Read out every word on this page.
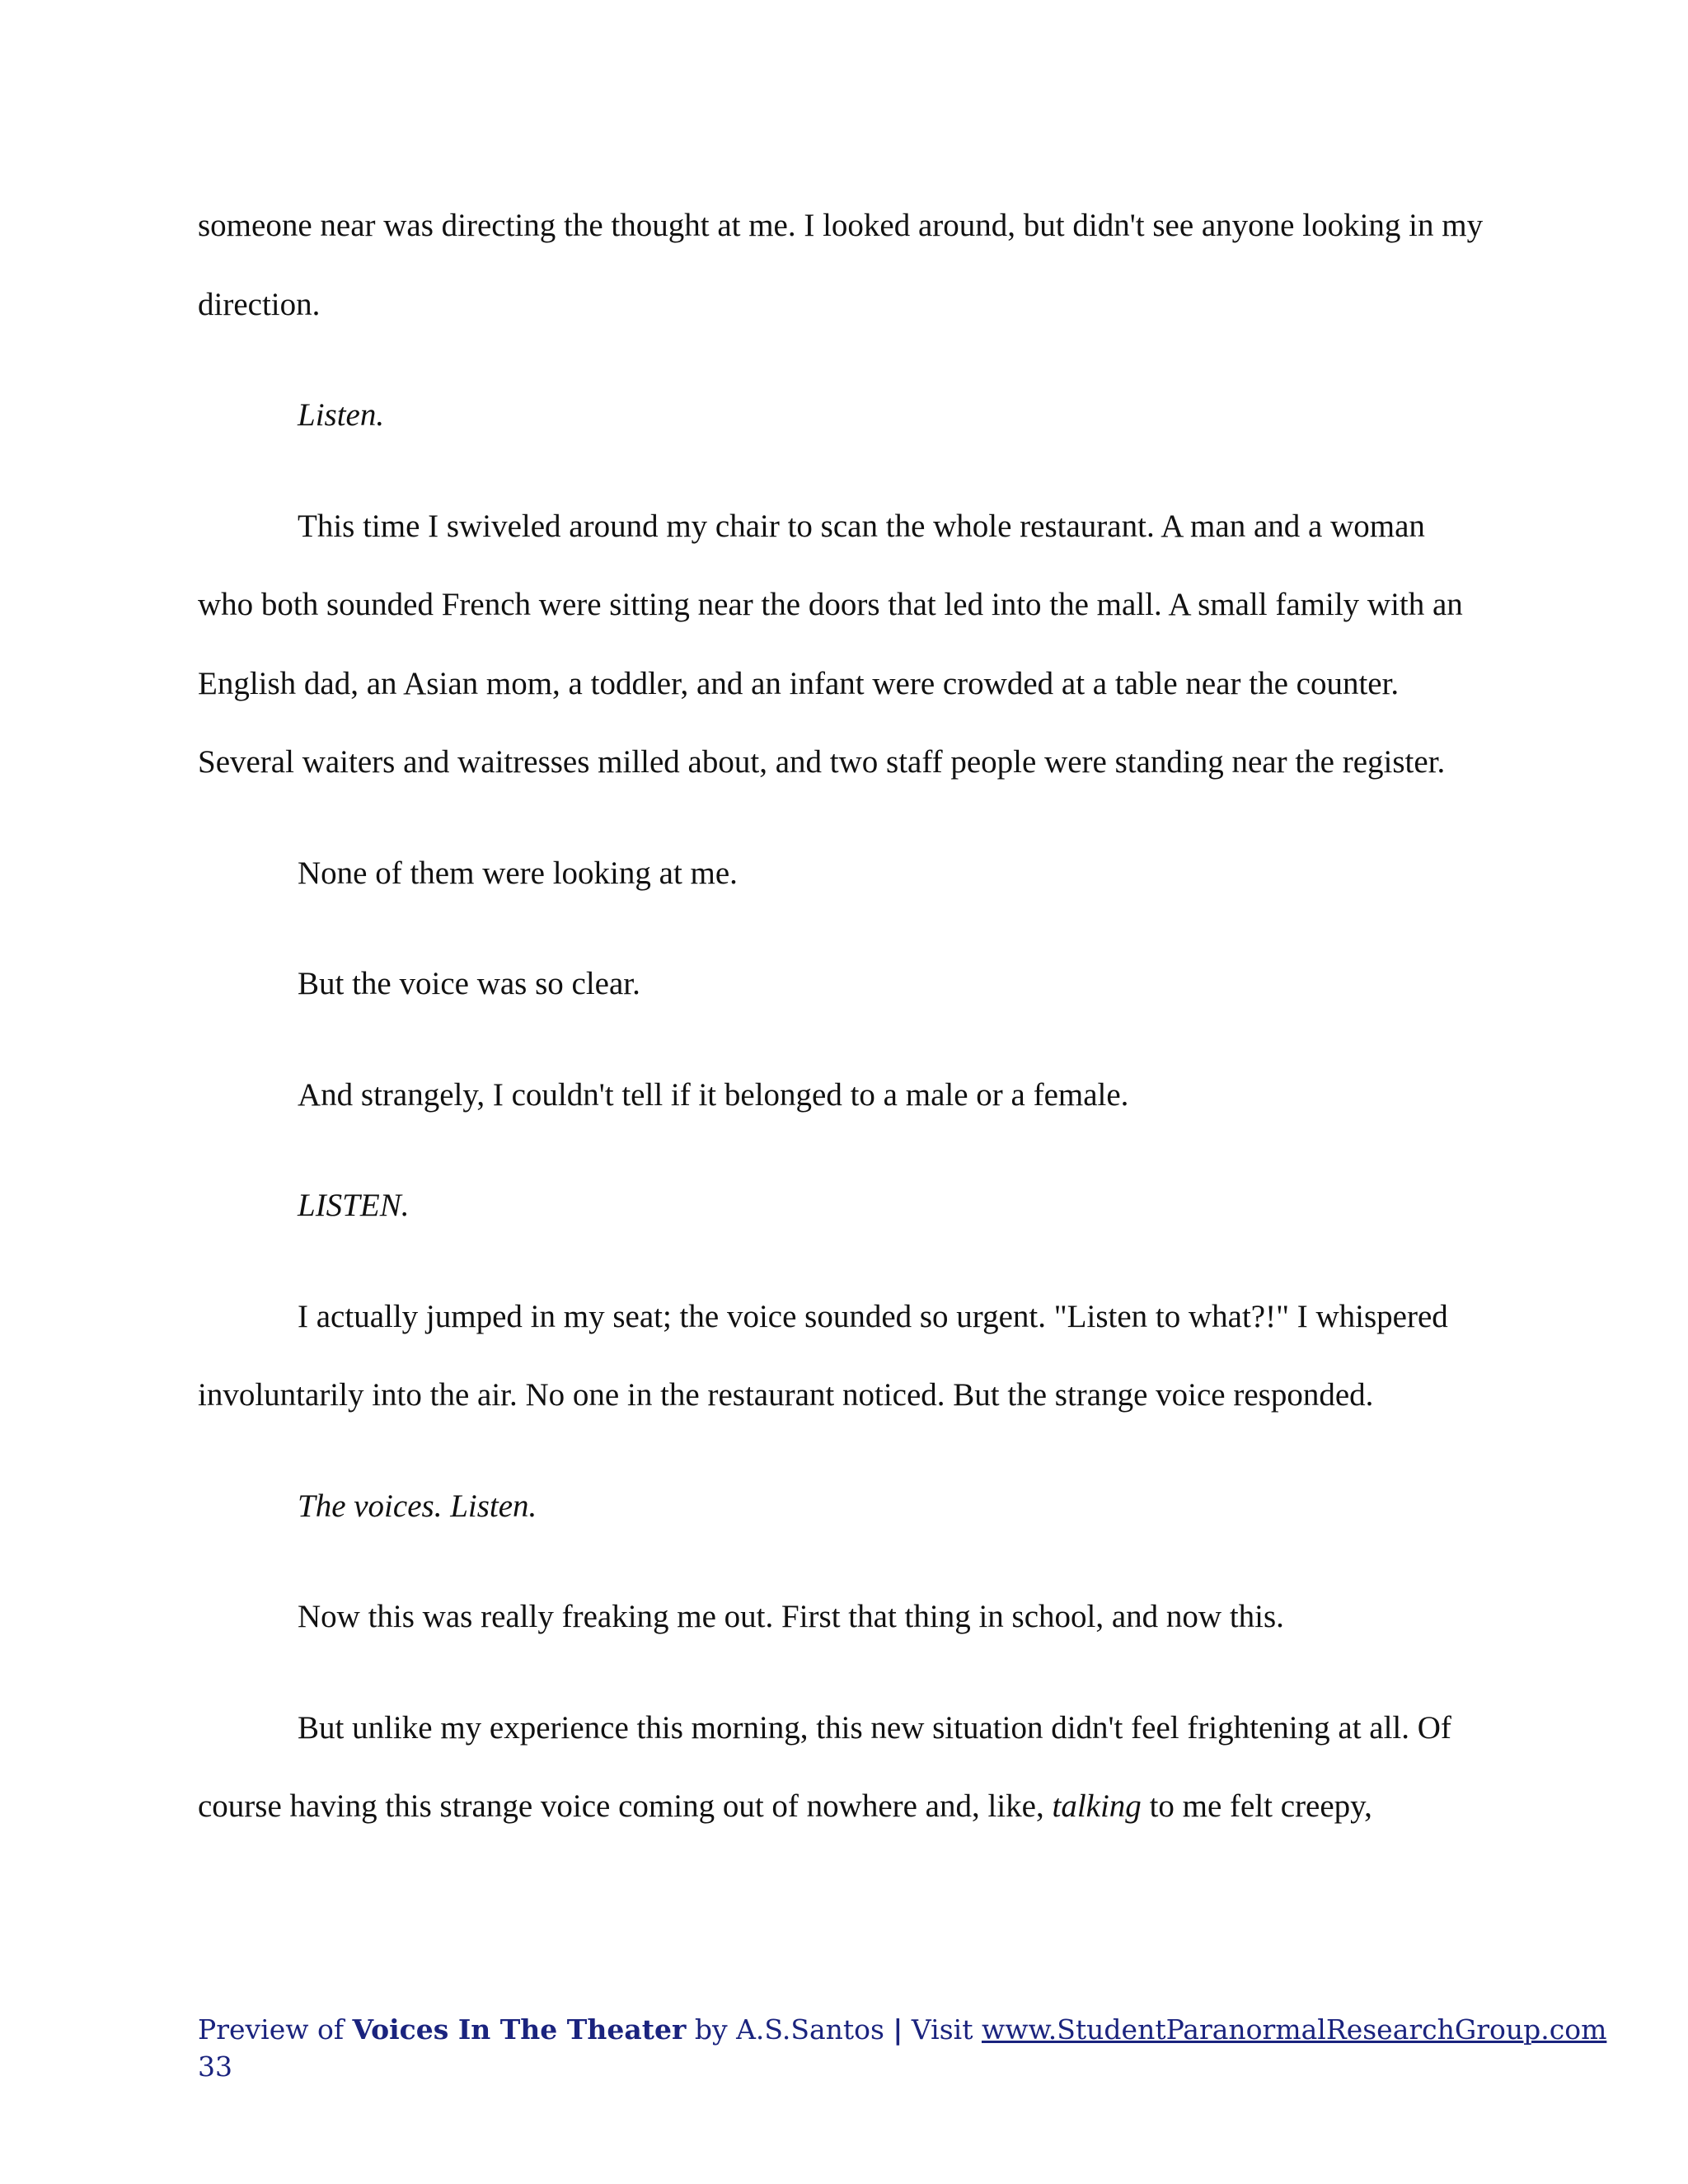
someone near was directing the thought at me. I looked around, but didn't see anyone looking in my direction.

Listen.

This time I swiveled around my chair to scan the whole restaurant. A man and a woman who both sounded French were sitting near the doors that led into the mall. A small family with an English dad, an Asian mom, a toddler, and an infant were crowded at a table near the counter. Several waiters and waitresses milled about, and two staff people were standing near the register.

None of them were looking at me.

But the voice was so clear.

And strangely, I couldn't tell if it belonged to a male or a female.

LISTEN.

I actually jumped in my seat; the voice sounded so urgent. "Listen to what?!" I whispered involuntarily into the air. No one in the restaurant noticed. But the strange voice responded.

The voices. Listen.

Now this was really freaking me out. First that thing in school, and now this.

But unlike my experience this morning, this new situation didn't feel frightening at all. Of course having this strange voice coming out of nowhere and, like, talking to me felt creepy,

Preview of Voices In The Theater by A.S.Santos | Visit www.StudentParanormalResearchGroup.com
33
